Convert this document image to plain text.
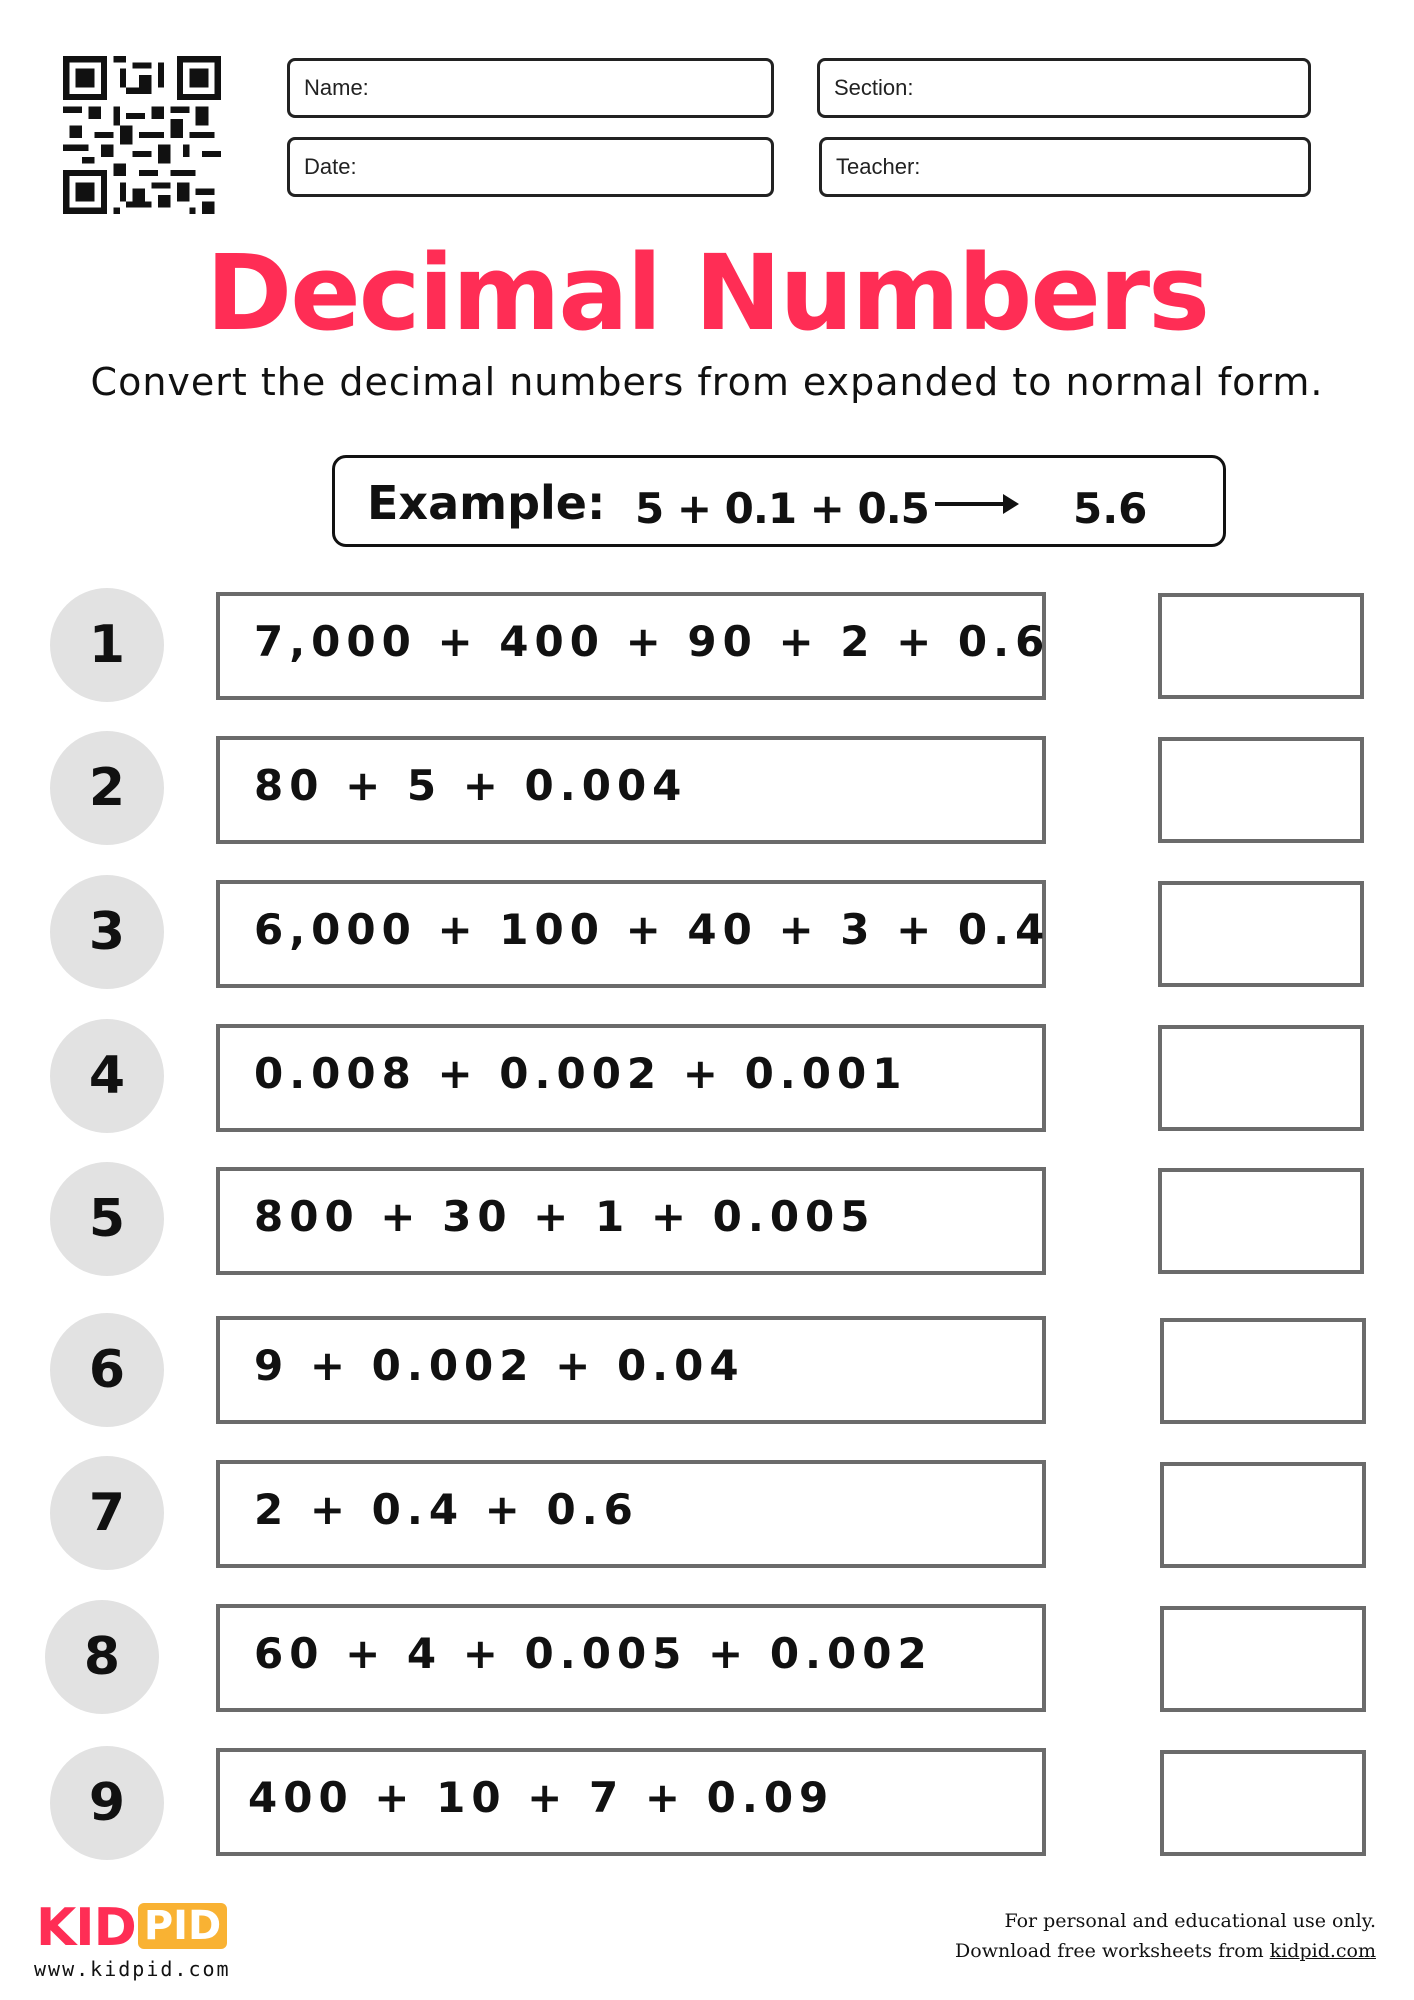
Name:	Section:
Date:	Teacher:
Decimal Numbers
Convert the decimal numbers from expanded to normal form.
Example: 5 + 0.1 + 0.5	5.6
1	7,000 + 400 + 90 + 2 + 0.6
2	80 + 5 + 0.004
3	6,000 + 100 + 40 + 3 + 0.4
4	0.008 + 0.002 + 0.001
5	800 + 30 + 1 + 0.005
6	9 + 0.002 + 0.04
7	2 + 0.4 + 0.6
8	60 + 4 + 0.005 + 0.002
9	400 + 10 + 7 + 0.09
KID PID
www.kidpid.com
For personal and educational use only.
Download free worksheets from kidpid.com
